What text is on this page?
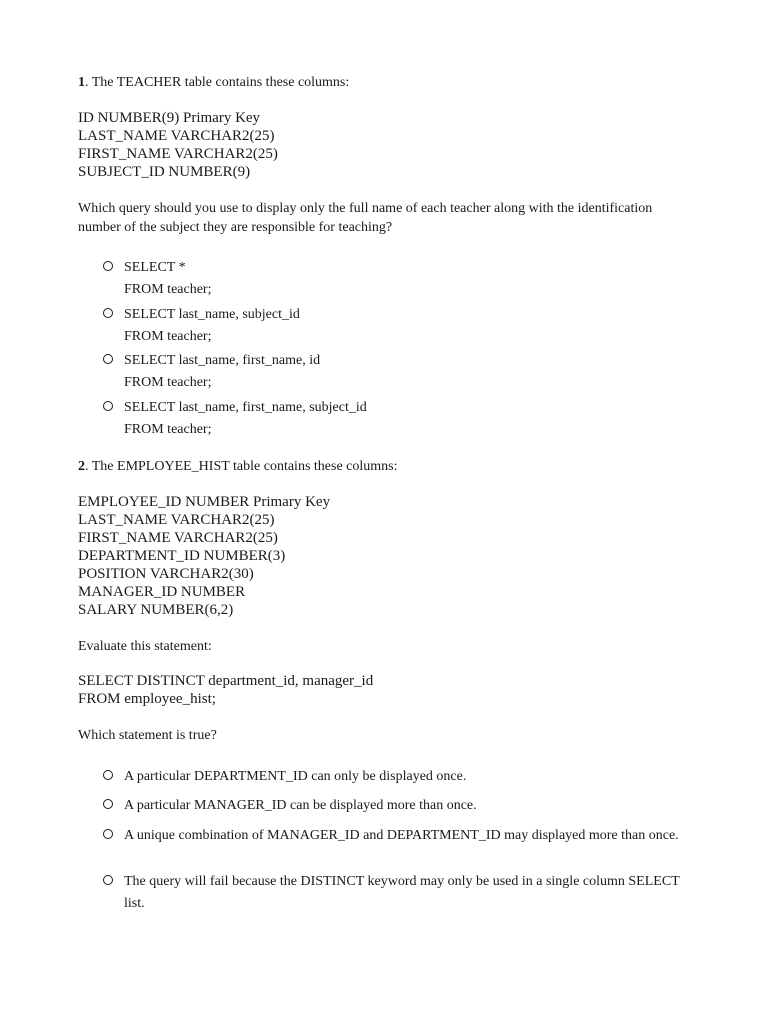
1. The TEACHER table contains these columns:
ID NUMBER(9) Primary Key
LAST_NAME VARCHAR2(25)
FIRST_NAME VARCHAR2(25)
SUBJECT_ID NUMBER(9)
Which query should you use to display only the full name of each teacher along with the identification number of the subject they are responsible for teaching?
SELECT *
FROM teacher;
SELECT last_name, subject_id
FROM teacher;
SELECT last_name, first_name, id
FROM teacher;
SELECT last_name, first_name, subject_id
FROM teacher;
2. The EMPLOYEE_HIST table contains these columns:
EMPLOYEE_ID NUMBER Primary Key
LAST_NAME VARCHAR2(25)
FIRST_NAME VARCHAR2(25)
DEPARTMENT_ID NUMBER(3)
POSITION VARCHAR2(30)
MANAGER_ID NUMBER
SALARY NUMBER(6,2)
Evaluate this statement:
SELECT DISTINCT department_id, manager_id
FROM employee_hist;
Which statement is true?
A particular DEPARTMENT_ID can only be displayed once.
A particular MANAGER_ID can be displayed more than once.
A unique combination of MANAGER_ID and DEPARTMENT_ID may displayed more than once.
The query will fail because the DISTINCT keyword may only be used in a single column SELECT list.
